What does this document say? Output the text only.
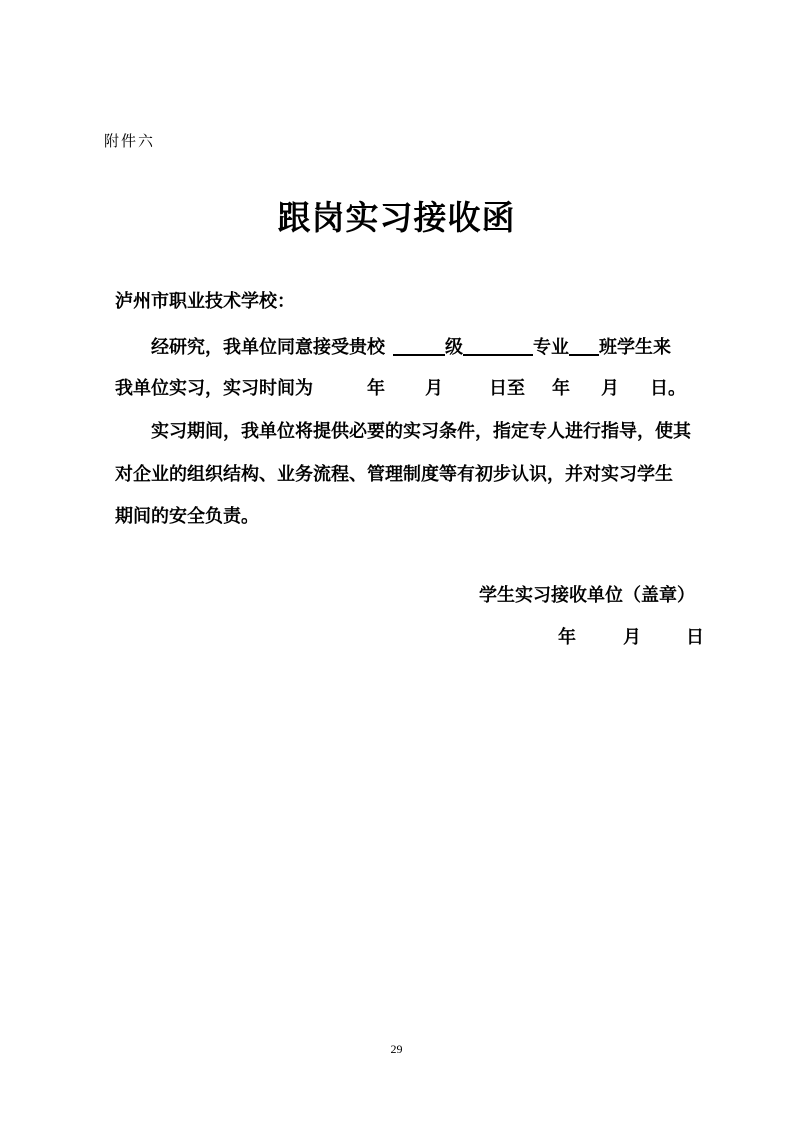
附件六
跟岗实习接收函
泸州市职业技术学校：
经研究，我单位同意接受贵校	级	专业 班学生来
我单位实习，实习时间为	年 月	日至 年 月 日。
实习期间，我单位将提供必要的实习条件，指定专人进行指导，使其
对企业的组织结构、业务流程、管理制度等有初步认识，并对实习学生
期间的安全负责。
学生实习接收单位（盖章）
年	月	日
29
